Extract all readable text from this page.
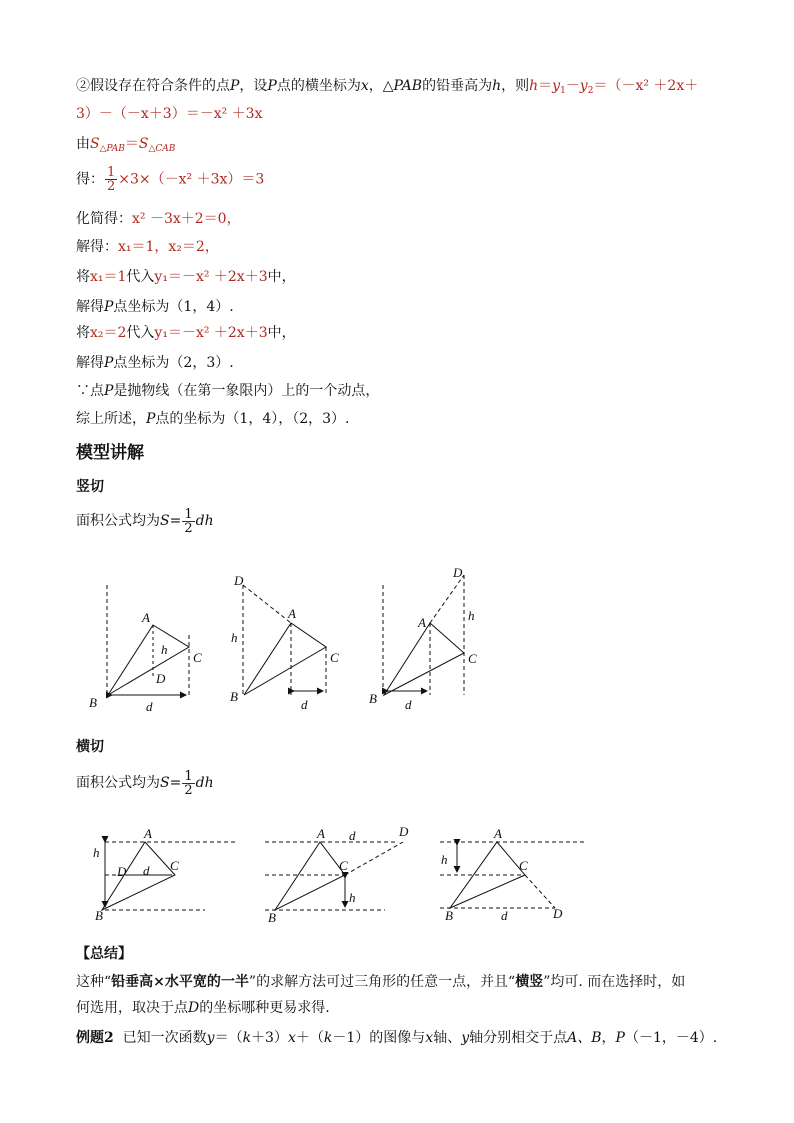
②假设存在符合条件的点P，设P点的横坐标为x，△PAB的铅垂高为h，则$h=y_1-y_2=(-x^2 +2x+$
3）－（－x＋3）＝－x² ＋3x
由$S_{\triangle PAB}=S_{\triangle CAB}$
得： $\frac{1}{2} \times 3\times(-x^2 +3x)=3$
化简得：x² －3x＋2＝0，
解得：x₁＝1，x₂＝2，
将x₁＝1代入y₁＝－x² ＋2x＋3中，
解得P点坐标为（1，4）.
将x₂＝2代入y₁＝－x² ＋2x＋3中，
解得P点坐标为（2，3）.
∵点P是抛物线（在第一象限内）上的一个动点，
综上所述，P点的坐标为（1，4），（2，3）.
模型讲解
竖切
面积公式均为$S= \frac{1}{2}$ dh
A
B
C
D
h
d
D
A
B
C
h
d
D
A
B
C
h
d
横切
面积公式均为$S= \frac{1}{2}$ dh
A
B
C
D d
h
A
B
C
D
d
h
A
B
C
D
d
h
【总结】
这种“铅垂高×水平宽的一半”的求解方法可过三角形的任意一点，并且“横竖”均可. 而在选择时，如
何选用，取决于点D的坐标哪种更易求得.
例题2 已知一次函数y＝（k＋3）x＋（k－1）的图像与x轴、y轴分别相交于点A、B，P（－1，－4）.
